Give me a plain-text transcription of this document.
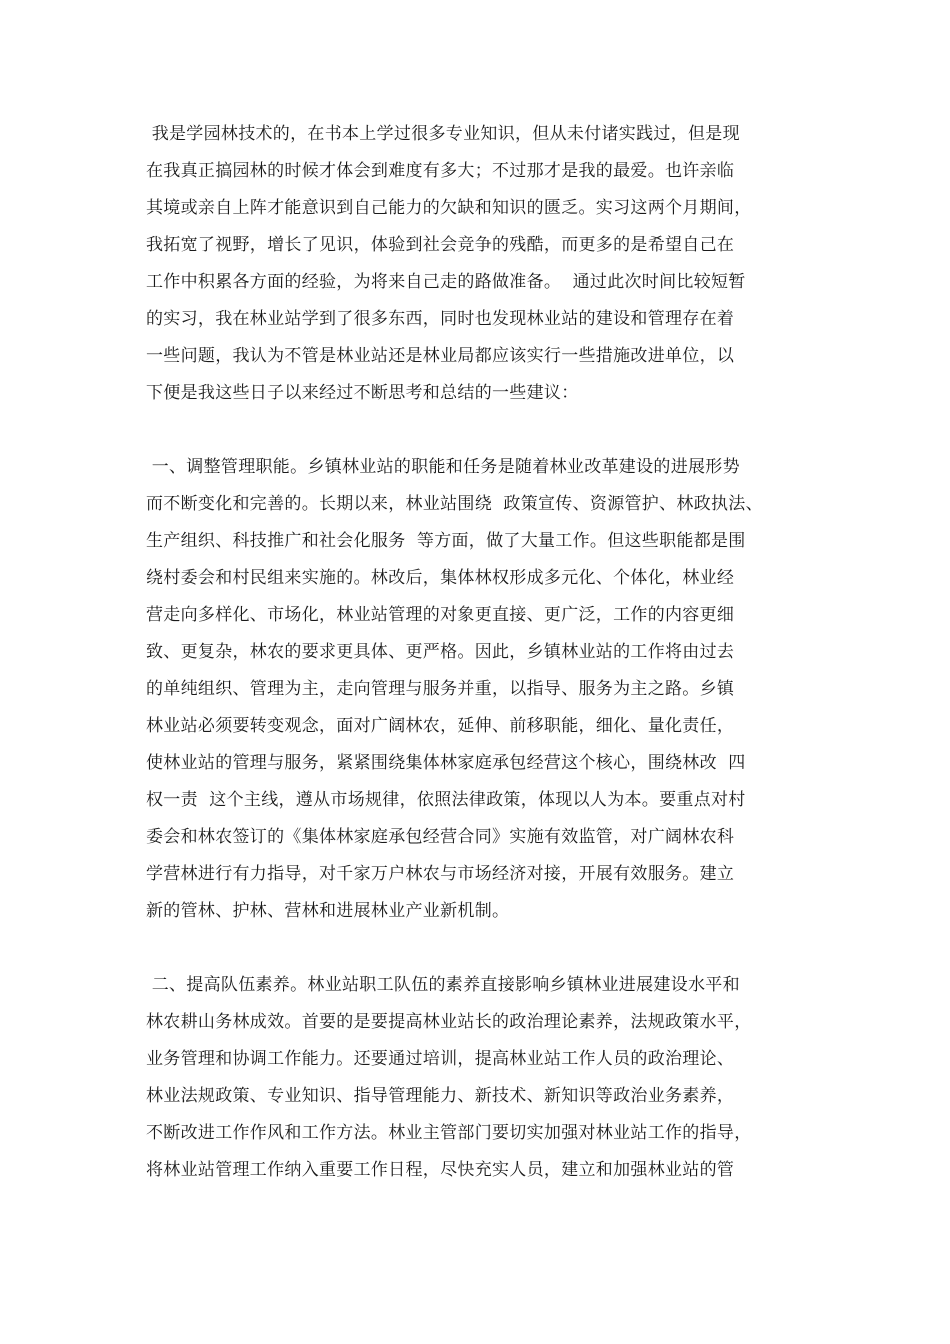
我是学园林技术的，在书本上学过很多专业知识，但从未付诸实践过，但是现
在我真正搞园林的时候才体会到难度有多大；不过那才是我的最爱。也许亲临
其境或亲自上阵才能意识到自己能力的欠缺和知识的匮乏。实习这两个月期间，
我拓宽了视野，增长了见识，体验到社会竞争的残酷，而更多的是希望自己在
工作中积累各方面的经验，为将来自己走的路做准备。  通过此次时间比较短暂
的实习，我在林业站学到了很多东西，同时也发现林业站的建设和管理存在着
一些问题，我认为不管是林业站还是林业局都应该实行一些措施改进单位，以
下便是我这些日子以来经过不断思考和总结的一些建议：
一、调整管理职能。乡镇林业站的职能和任务是随着林业改革建设的进展形势
而不断变化和完善的。长期以来，林业站围绕  政策宣传、资源管护、林政执法、
生产组织、科技推广和社会化服务  等方面，做了大量工作。但这些职能都是围
绕村委会和村民组来实施的。林改后，集体林权形成多元化、个体化，林业经
营走向多样化、市场化，林业站管理的对象更直接、更广泛，工作的内容更细
致、更复杂，林农的要求更具体、更严格。因此，乡镇林业站的工作将由过去
的单纯组织、管理为主，走向管理与服务并重，以指导、服务为主之路。乡镇
林业站必须要转变观念，面对广阔林农，延伸、前移职能，细化、量化责任，
使林业站的管理与服务，紧紧围绕集体林家庭承包经营这个核心，围绕林改  四
权一责  这个主线，遵从市场规律，依照法律政策，体现以人为本。要重点对村
委会和林农签订的《集体林家庭承包经营合同》实施有效监管，对广阔林农科
学营林进行有力指导，对千家万户林农与市场经济对接，开展有效服务。建立
新的管林、护林、营林和进展林业产业新机制。
二、提高队伍素养。林业站职工队伍的素养直接影响乡镇林业进展建设水平和
林农耕山务林成效。首要的是要提高林业站长的政治理论素养，法规政策水平，
业务管理和协调工作能力。还要通过培训，提高林业站工作人员的政治理论、
林业法规政策、专业知识、指导管理能力、新技术、新知识等政治业务素养，
不断改进工作作风和工作方法。林业主管部门要切实加强对林业站工作的指导，
将林业站管理工作纳入重要工作日程，尽快充实人员，建立和加强林业站的管
